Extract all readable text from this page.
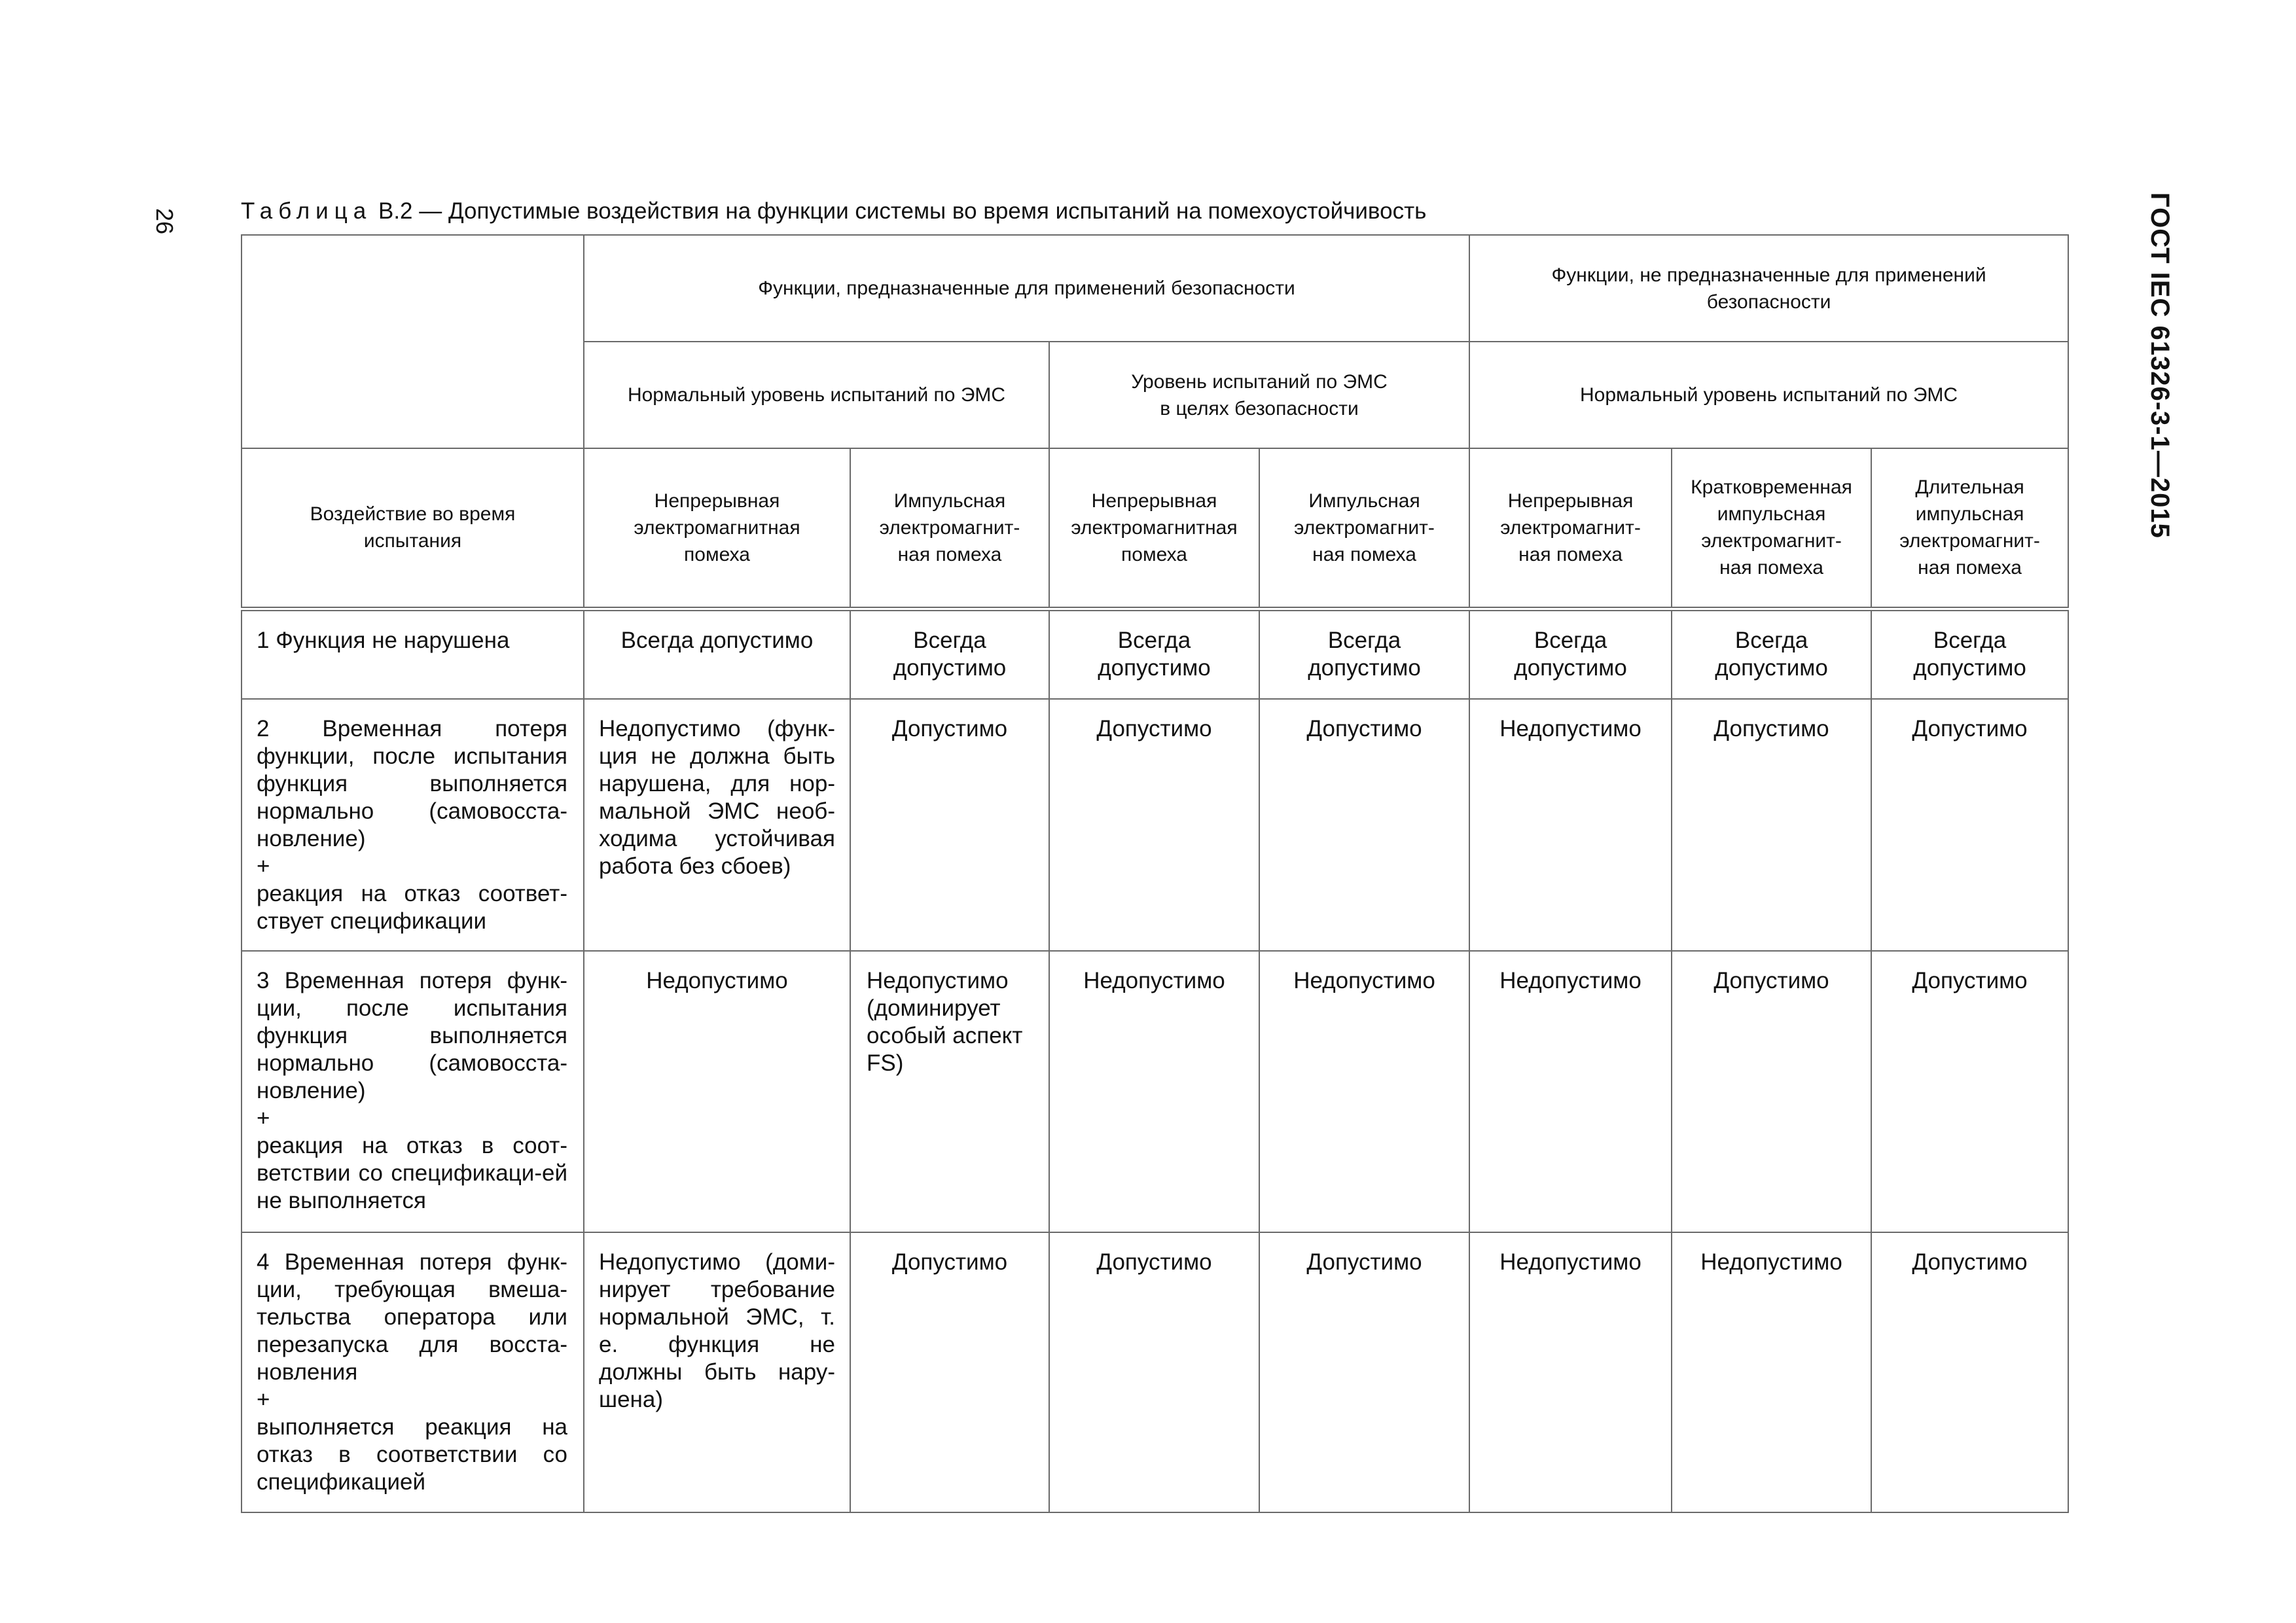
26	ГОСТ IEC 61326-3-1—2015
Таблица В.2 — Допустимые воздействия на функции системы во время испытаний на помехоустойчивость
	Функции, предназначенные для применений безопасности				Функции, не предназначенные для применений
безопасности		
	Нормальный уровень испытаний по ЭМС		Уровень испытаний по ЭМС
в целях безопасности		Нормальный уровень испытаний по ЭМС		
Воздействие во время
испытания	Непрерывная
электромагнитная
помеха	Импульсная
электромагнит-
ная помеха	Непрерывная
электромагнитная
помеха	Импульсная
электромагнит-
ная помеха	Непрерывная
электромагнит-
ная помеха	Кратковременная
импульсная
электромагнит-
ная помеха	Длительная
импульсная
электромагнит-
ная помеха
1 Функция не нарушена	Всегда допустимо	Всегда
допустимо	Всегда
допустимо	Всегда
допустимо	Всегда
допустимо	Всегда
допустимо	Всегда
допустимо
2 Временная потеря функции, после испытания функция выполняется нормально (самовосста-новление)
+
реакция на отказ соответ-ствует спецификации	Недопустимо (функ-ция не должна быть нарушена, для нор-мальной ЭМС необ-ходима устойчивая работа без сбоев)	Допустимо	Допустимо	Допустимо	Недопустимо	Допустимо	Допустимо
3 Временная потеря функ-ции, после испытания функция выполняется нормально (самовосста-новление)
+
реакция на отказ в соот-ветствии со спецификаци-ей не выполняется	Недопустимо	Недопустимо
(доминирует
особый аспект
FS)	Недопустимо	Недопустимо	Недопустимо	Допустимо	Допустимо
4 Временная потеря функ-ции, требующая вмеша-тельства оператора или перезапуска для восста-новления
+
выполняется реакция на отказ в соответствии со спецификацией	Недопустимо (доми-нирует требование нормальной ЭМС, т. е. функция не должны быть нару-шена)	Допустимо	Допустимо	Допустимо	Недопустимо	Недопустимо	Допустимо
